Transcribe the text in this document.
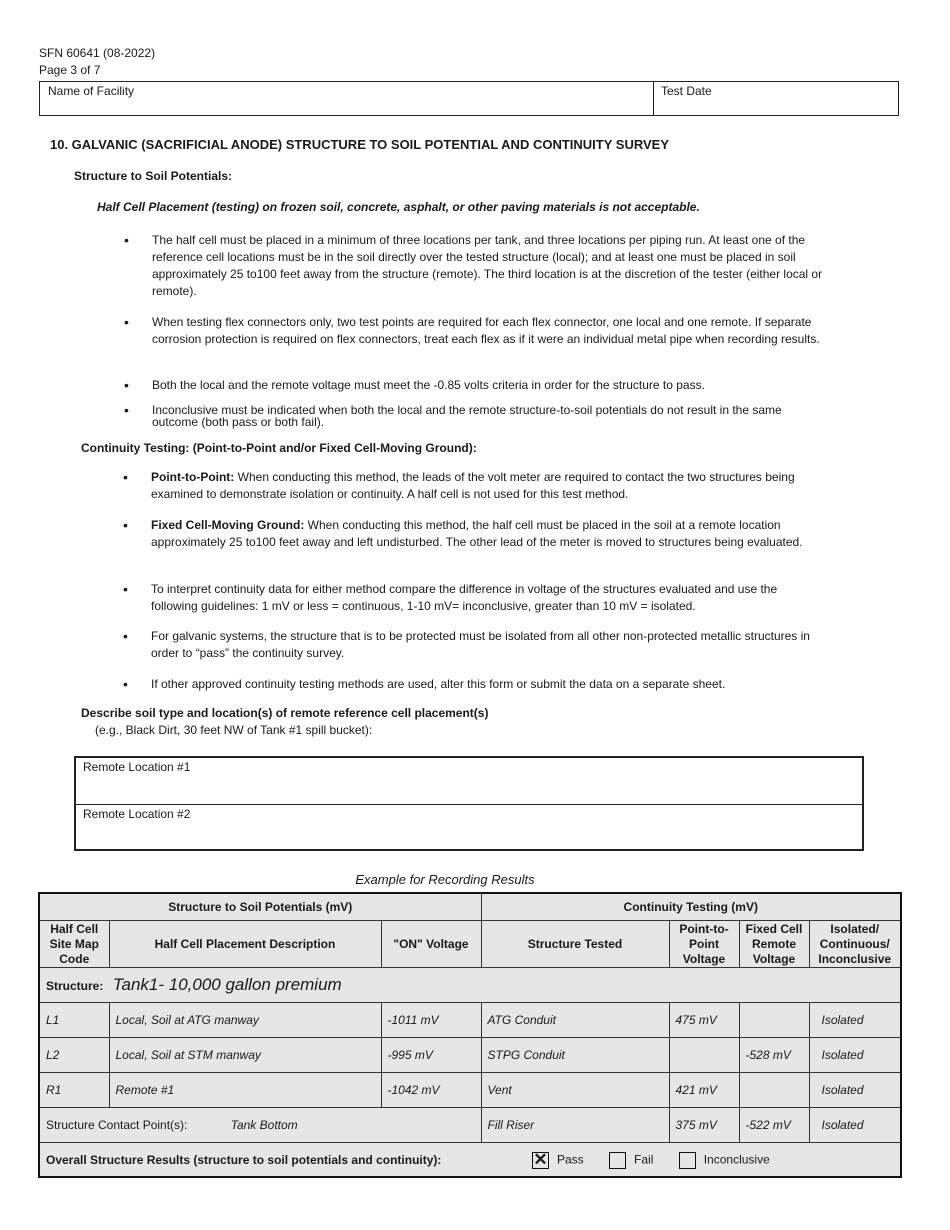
SFN 60641 (08-2022)
Page 3 of 7
Name of Facility	Test Date
10. GALVANIC (SACRIFICIAL ANODE) STRUCTURE TO SOIL POTENTIAL AND CONTINUITY SURVEY
Structure to Soil Potentials:
Half Cell Placement (testing) on frozen soil, concrete, asphalt, or other paving materials is not acceptable.
• The half cell must be placed in a minimum of three locations per tank, and three locations per piping run. At least one of the reference cell locations must be in the soil directly over the tested structure (local); and at least one must be placed in soil approximately 25 to100 feet away from the structure (remote). The third location is at the discretion of the tester (either local or remote).
• When testing flex connectors only, two test points are required for each flex connector, one local and one remote. If separate corrosion protection is required on flex connectors, treat each flex as if it were an individual metal pipe when recording results.
• Both the local and the remote voltage must meet the -0.85 volts criteria in order for the structure to pass.
• Inconclusive must be indicated when both the local and the remote structure-to-soil potentials do not result in the same outcome (both pass or both fail).
Continuity Testing: (Point-to-Point and/or Fixed Cell-Moving Ground):
• Point-to-Point: When conducting this method, the leads of the volt meter are required to contact the two structures being examined to demonstrate isolation or continuity. A half cell is not used for this test method.
• Fixed Cell-Moving Ground: When conducting this method, the half cell must be placed in the soil at a remote location approximately 25 to100 feet away and left undisturbed. The other lead of the meter is moved to structures being evaluated.
• To interpret continuity data for either method compare the difference in voltage of the structures evaluated and use the following guidelines: 1 mV or less = continuous, 1-10 mV= inconclusive, greater than 10 mV = isolated.
• For galvanic systems, the structure that is to be protected must be isolated from all other non-protected metallic structures in order to “pass” the continuity survey.
• If other approved continuity testing methods are used, alter this form or submit the data on a separate sheet.
Describe soil type and location(s) of remote reference cell placement(s)
(e.g., Black Dirt, 30 feet NW of Tank #1 spill bucket):
Remote Location #1
Remote Location #2
Example for Recording Results
Structure to Soil Potentials (mV)			Continuity Testing (mV)			
Half Cell Site Map Code	Half Cell Placement Description	"ON" Voltage	Structure Tested	Point-to-Point Voltage	Fixed Cell Remote Voltage	Isolated/ Continuous/ Inconclusive
Structure: Tank1- 10,000 gallon premium						
L1	Local, Soil at ATG manway	-1011 mV	ATG Conduit	475 mV		Isolated
L2	Local, Soil at STM manway	-995 mV	STPG Conduit		-528 mV	Isolated
R1	Remote #1	-1042 mV	Vent	421 mV		Isolated
Structure Contact Point(s): Tank Bottom			Fill Riser	375 mV	-522 mV	Isolated
Overall Structure Results (structure to soil potentials and continuity): ✕ Pass Fail Inconclusive						
